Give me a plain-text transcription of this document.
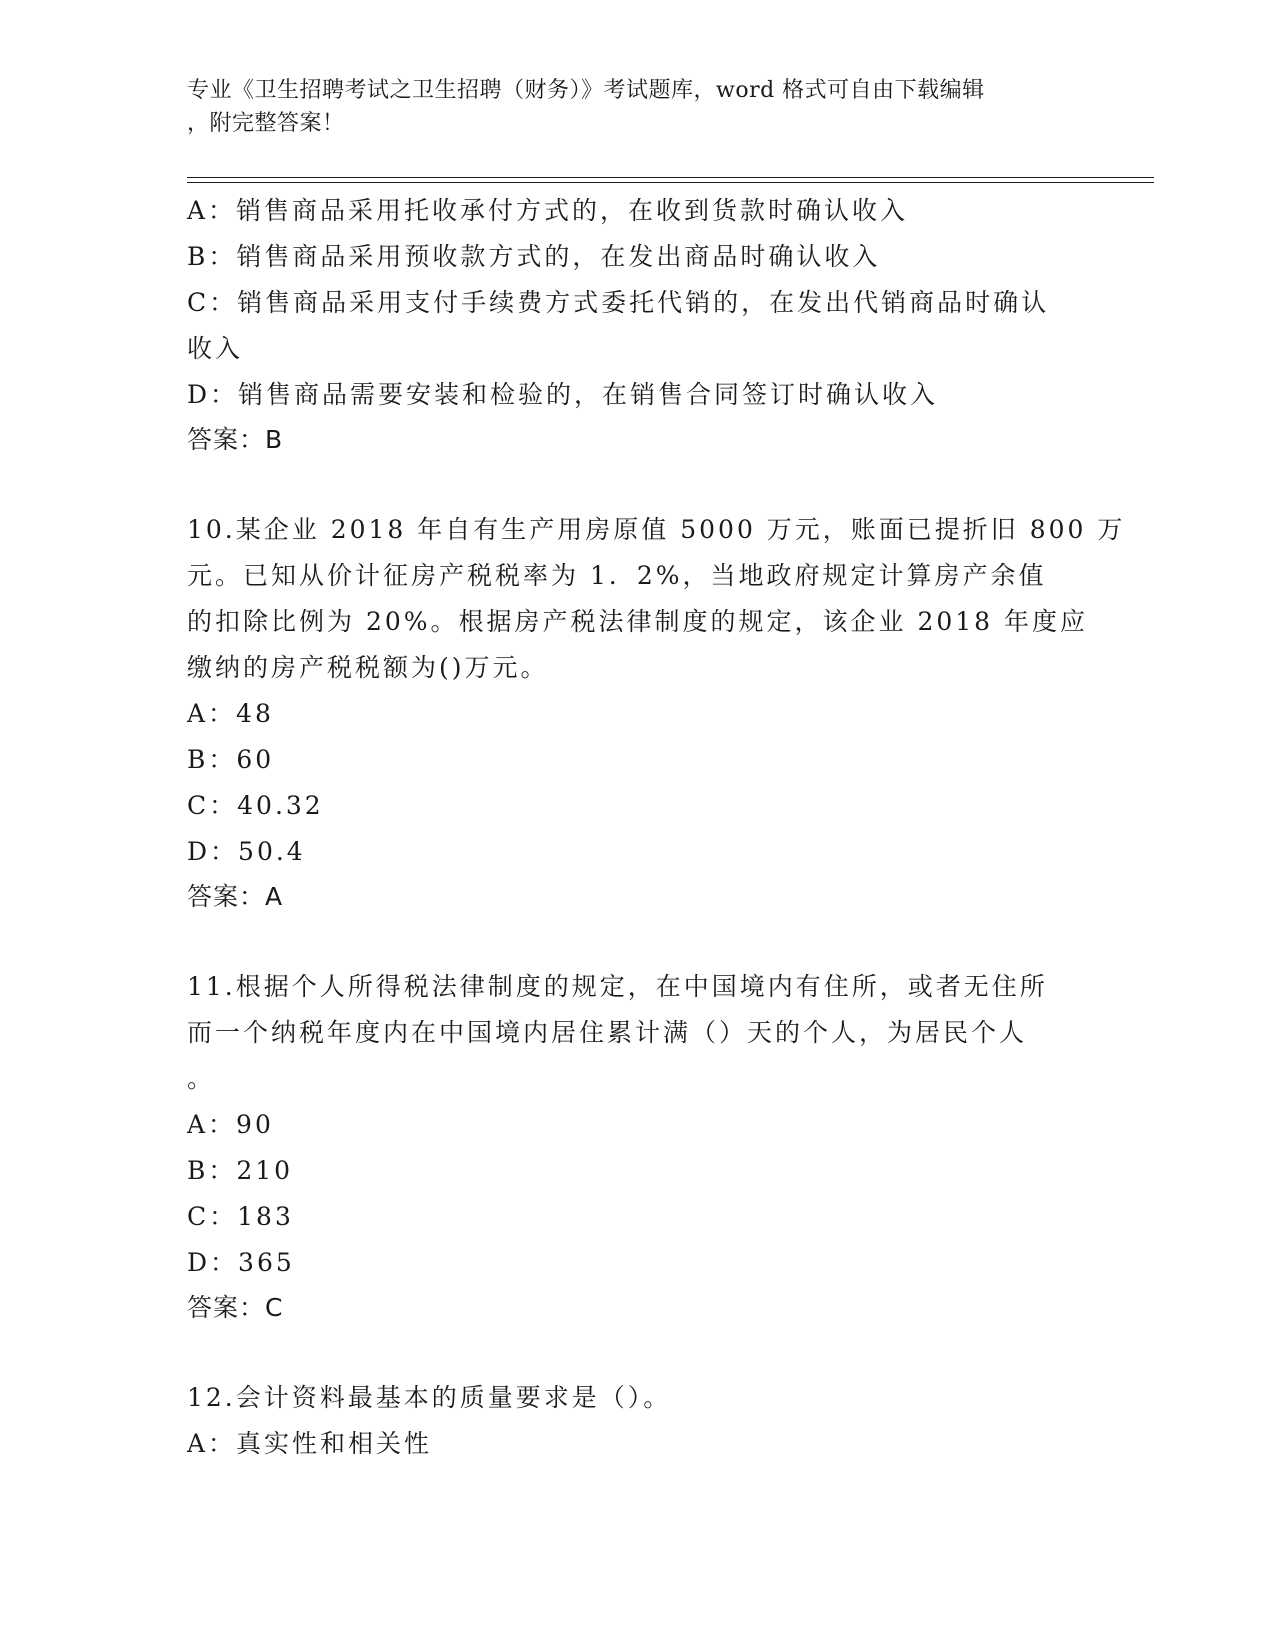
专业《卫生招聘考试之卫生招聘（财务）》考试题库，word 格式可自由下载编辑
，附完整答案！
A：销售商品采用托收承付方式的，在收到货款时确认收入
B：销售商品采用预收款方式的，在发出商品时确认收入
C：销售商品采用支付手续费方式委托代销的，在发出代销商品时确认
收入
D：销售商品需要安装和检验的，在销售合同签订时确认收入
答案：B
10.某企业 2018 年自有生产用房原值 5000 万元，账面已提折旧 800 万
元。已知从价计征房产税税率为 1．2%，当地政府规定计算房产余值
的扣除比例为 20%。根据房产税法律制度的规定，该企业 2018 年度应
缴纳的房产税税额为()万元。
A：48
B：60
C：40.32
D：50.4
答案：A
11.根据个人所得税法律制度的规定，在中国境内有住所，或者无住所
而一个纳税年度内在中国境内居住累计满（）天的个人，为居民个人
。
A：90
B：210
C：183
D：365
答案：C
12.会计资料最基本的质量要求是（）。
A：真实性和相关性
